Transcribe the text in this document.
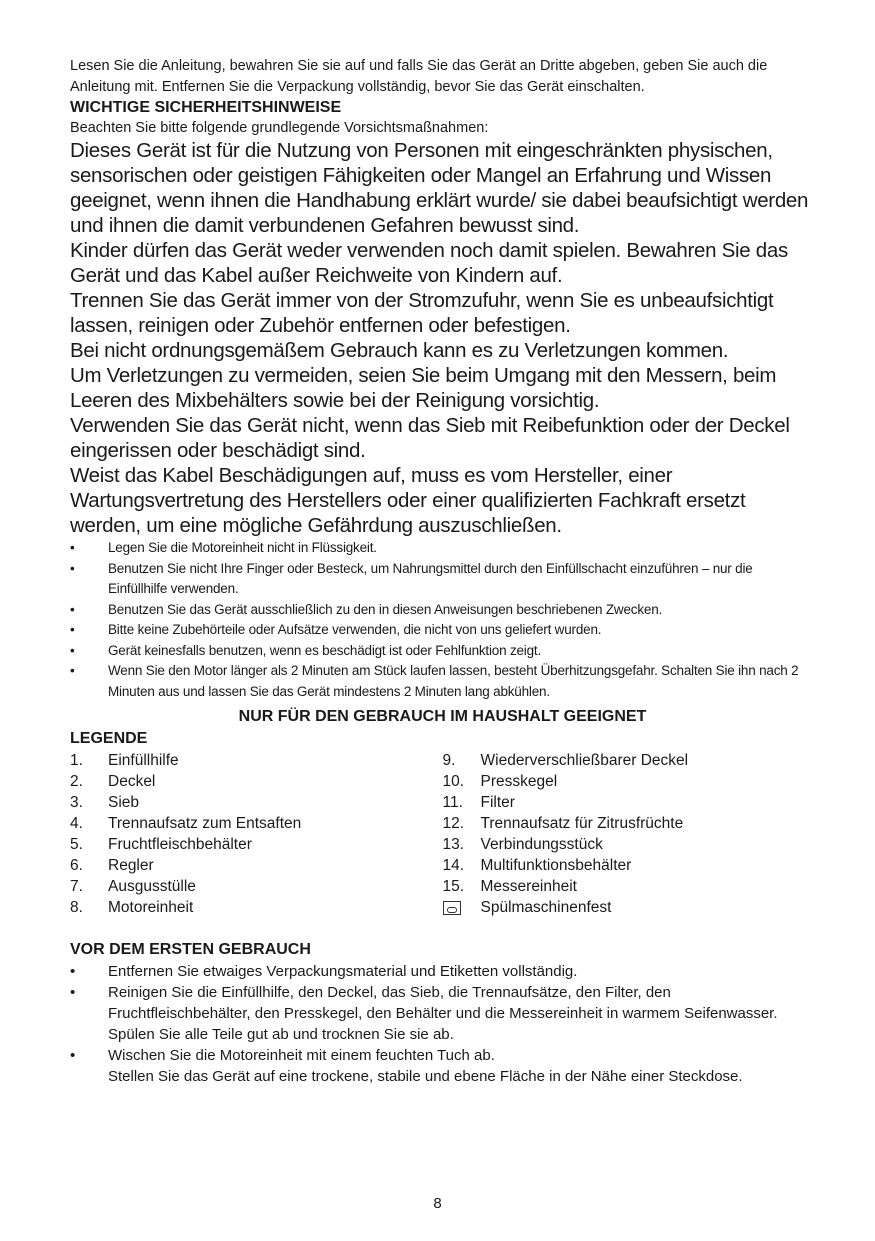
Lesen Sie die Anleitung, bewahren Sie sie auf und falls Sie das Gerät an Dritte abgeben, geben Sie auch die Anleitung mit. Entfernen Sie die Verpackung vollständig, bevor Sie das Gerät einschalten.

WICHTIGE SICHERHEITSHINWEISE

Beachten Sie bitte folgende grundlegende Vorsichtsmaßnahmen:

Dieses Gerät ist für die Nutzung von Personen mit eingeschränkten physischen, sensorischen oder geistigen Fähigkeiten oder Mangel an Erfahrung und Wissen geeignet, wenn ihnen die Handhabung erklärt wurde/ sie dabei beaufsichtigt werden und ihnen die damit verbundenen Gefahren bewusst sind.

Kinder dürfen das Gerät weder verwenden noch damit spielen. Bewahren Sie das Gerät und das Kabel außer Reichweite von Kindern auf.

Trennen Sie das Gerät immer von der Stromzufuhr, wenn Sie es unbeaufsichtigt lassen, reinigen oder Zubehör entfernen oder befestigen.

Bei nicht ordnungsgemäßem Gebrauch kann es zu Verletzungen kommen.

Um Verletzungen zu vermeiden, seien Sie beim Umgang mit den Messern, beim Leeren des Mixbehälters sowie bei der Reinigung vorsichtig.

Verwenden Sie das Gerät nicht, wenn das Sieb mit Reibefunktion oder der Deckel eingerissen oder beschädigt sind.

Weist das Kabel Beschädigungen auf, muss es vom Hersteller, einer Wartungsvertretung des Herstellers oder einer qualifizierten Fachkraft ersetzt werden, um eine mögliche Gefährdung auszuschließen.

• Legen Sie die Motoreinheit nicht in Flüssigkeit.
• Benutzen Sie nicht Ihre Finger oder Besteck, um Nahrungsmittel durch den Einfüllschacht einzuführen – nur die Einfüllhilfe verwenden.
• Benutzen Sie das Gerät ausschließlich zu den in diesen Anweisungen beschriebenen Zwecken.
• Bitte keine Zubehörteile oder Aufsätze verwenden, die nicht von uns geliefert wurden.
• Gerät keinesfalls benutzen, wenn es beschädigt ist oder Fehlfunktion zeigt.
• Wenn Sie den Motor länger als 2 Minuten am Stück laufen lassen, besteht Überhitzungsgefahr. Schalten Sie ihn nach 2 Minuten aus und lassen Sie das Gerät mindestens 2 Minuten lang abkühlen.

NUR FÜR DEN GEBRAUCH IM HAUSHALT GEEIGNET

LEGENDE

1.	Einfüllhilfe
2.	Deckel
3.	Sieb
4.	Trennaufsatz zum Entsaften
5.	Fruchtfleischbehälter
6.	Regler
7.	Ausgusstülle
8.	Motoreinheit
9.	Wiederverschließbarer Deckel
10.	Presskegel
11.	Filter
12.	Trennaufsatz für Zitrusfrüchte
13.	Verbindungsstück
14.	Multifunktionsbehälter
15.	Messereinheit
Spülmaschinenfest

VOR DEM ERSTEN GEBRAUCH

• Entfernen Sie etwaiges Verpackungsmaterial und Etiketten vollständig.
• Reinigen Sie die Einfüllhilfe, den Deckel, das Sieb, die Trennaufsätze, den Filter, den Fruchtfleischbehälter, den Presskegel, den Behälter und die Messereinheit in warmem Seifenwasser. Spülen Sie alle Teile gut ab und trocknen Sie sie ab.
• Wischen Sie die Motoreinheit mit einem feuchten Tuch ab.
Stellen Sie das Gerät auf eine trockene, stabile und ebene Fläche in der Nähe einer Steckdose.
8
